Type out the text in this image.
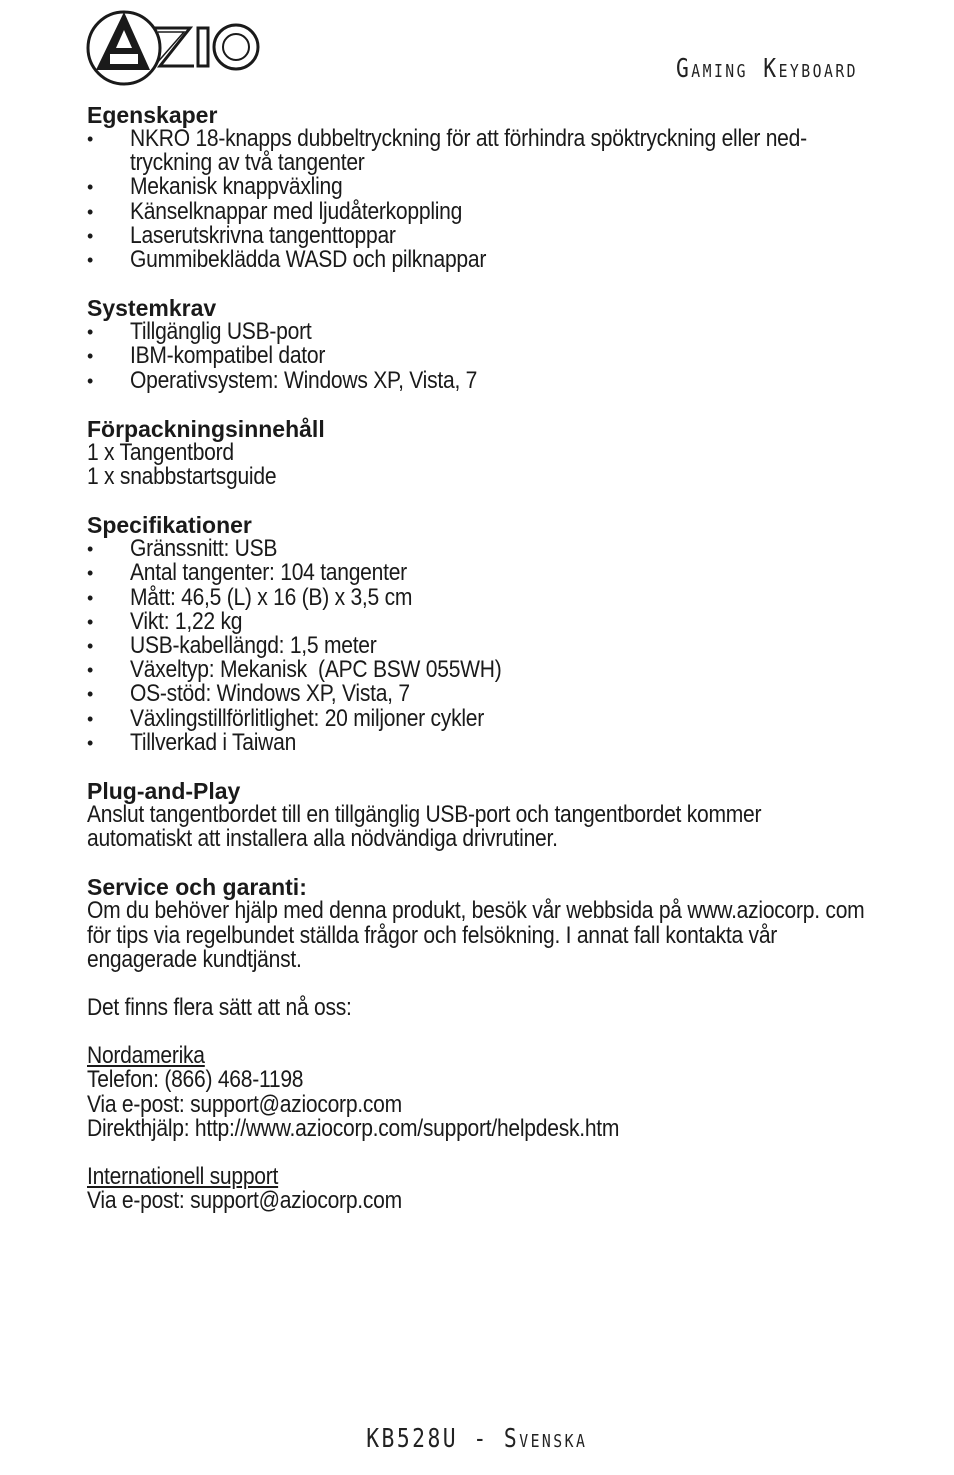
Gaming Keyboard
Egenskaper
• NKRO 18-knapps dubbeltryckning för att förhindra spöktryckning eller ned- tryckning av två tangenter
• Mekanisk knappväxling
• Känselknappar med ljudåterkoppling
• Laserutskrivna tangenttoppar
• Gummibeklädda WASD och pilknappar
Systemkrav
• Tillgänglig USB-port
• IBM-kompatibel dator
• Operativsystem: Windows XP, Vista, 7
Förpackningsinnehåll

1 x Tangentbord

1 x snabbstartsguide

Specifikationer
• Gränssnitt: USB
• Antal tangenter: 104 tangenter
• Mått: 46,5 (L) x 16 (B) x 3,5 cm
• Vikt: 1,22 kg
• USB-kabellängd: 1,5 meter
• Växeltyp: Mekanisk  (APC BSW 055WH)
• OS-stöd: Windows XP, Vista, 7
• Växlingstillförlitlighet: 20 miljoner cykler
• Tillverkad i Taiwan
Plug-and-Play

Anslut tangentbordet till en tillgänglig USB-port och tangentbordet kommer automatiskt att installera alla nödvändiga drivrutiner.

Service och garanti:

Om du behöver hjälp med denna produkt, besök vår webbsida på www.aziocorp. com för tips via regelbundet ställda frågor och felsökning. I annat fall kontakta vår engagerade kundtjänst.

Det finns flera sätt att nå oss:

Nordamerika

Telefon: (866) 468-1198

Via e-post: support@aziocorp.com

Direkthjälp: http://www.aziocorp.com/support/helpdesk.htm

Internationell support

Via e-post: support@aziocorp.com

KB528U - Svenska
